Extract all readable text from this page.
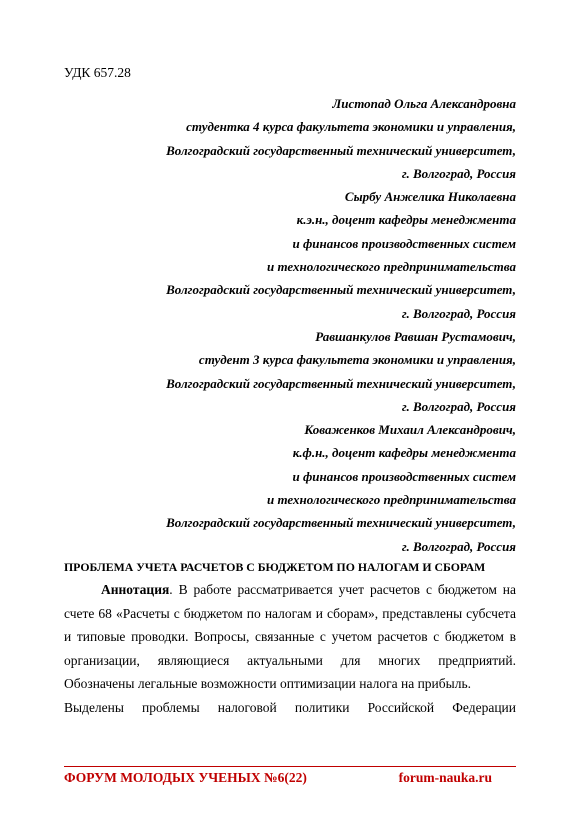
УДК 657.28
Листопад Ольга Александровна
студентка 4 курса факультета экономики и управления,
Волгоградский государственный технический университет,
г. Волгоград, Россия
Сырбу Анжелика Николаевна
к.э.н., доцент кафедры менеджмента
и финансов производственных систем
и технологического предпринимательства
Волгоградский государственный технический университет,
г. Волгоград, Россия
Равшанкулов Равшан Рустамович,
студент 3 курса факультета экономики и управления,
Волгоградский государственный технический университет,
г. Волгоград, Россия
Коваженков Михаил Александрович,
к.ф.н., доцент кафедры менеджмента
и финансов производственных систем
и технологического предпринимательства
Волгоградский государственный технический университет,
г. Волгоград, Россия
ПРОБЛЕМА УЧЕТА РАСЧЕТОВ С БЮДЖЕТОМ ПО НАЛОГАМ И СБОРАМ
Аннотация. В работе рассматривается учет расчетов с бюджетом на счете 68 «Расчеты с бюджетом по налогам и сборам», представлены субсчета и типовые проводки. Вопросы, связанные с учетом расчетов с бюджетом в организации, являющиеся актуальными для многих предприятий. Обозначены легальные возможности оптимизации налога на прибыль.
Выделены проблемы налоговой политики Российской Федерации
ФОРУМ МОЛОДЫХ УЧЕНЫХ №6(22)	forum-nauka.ru
